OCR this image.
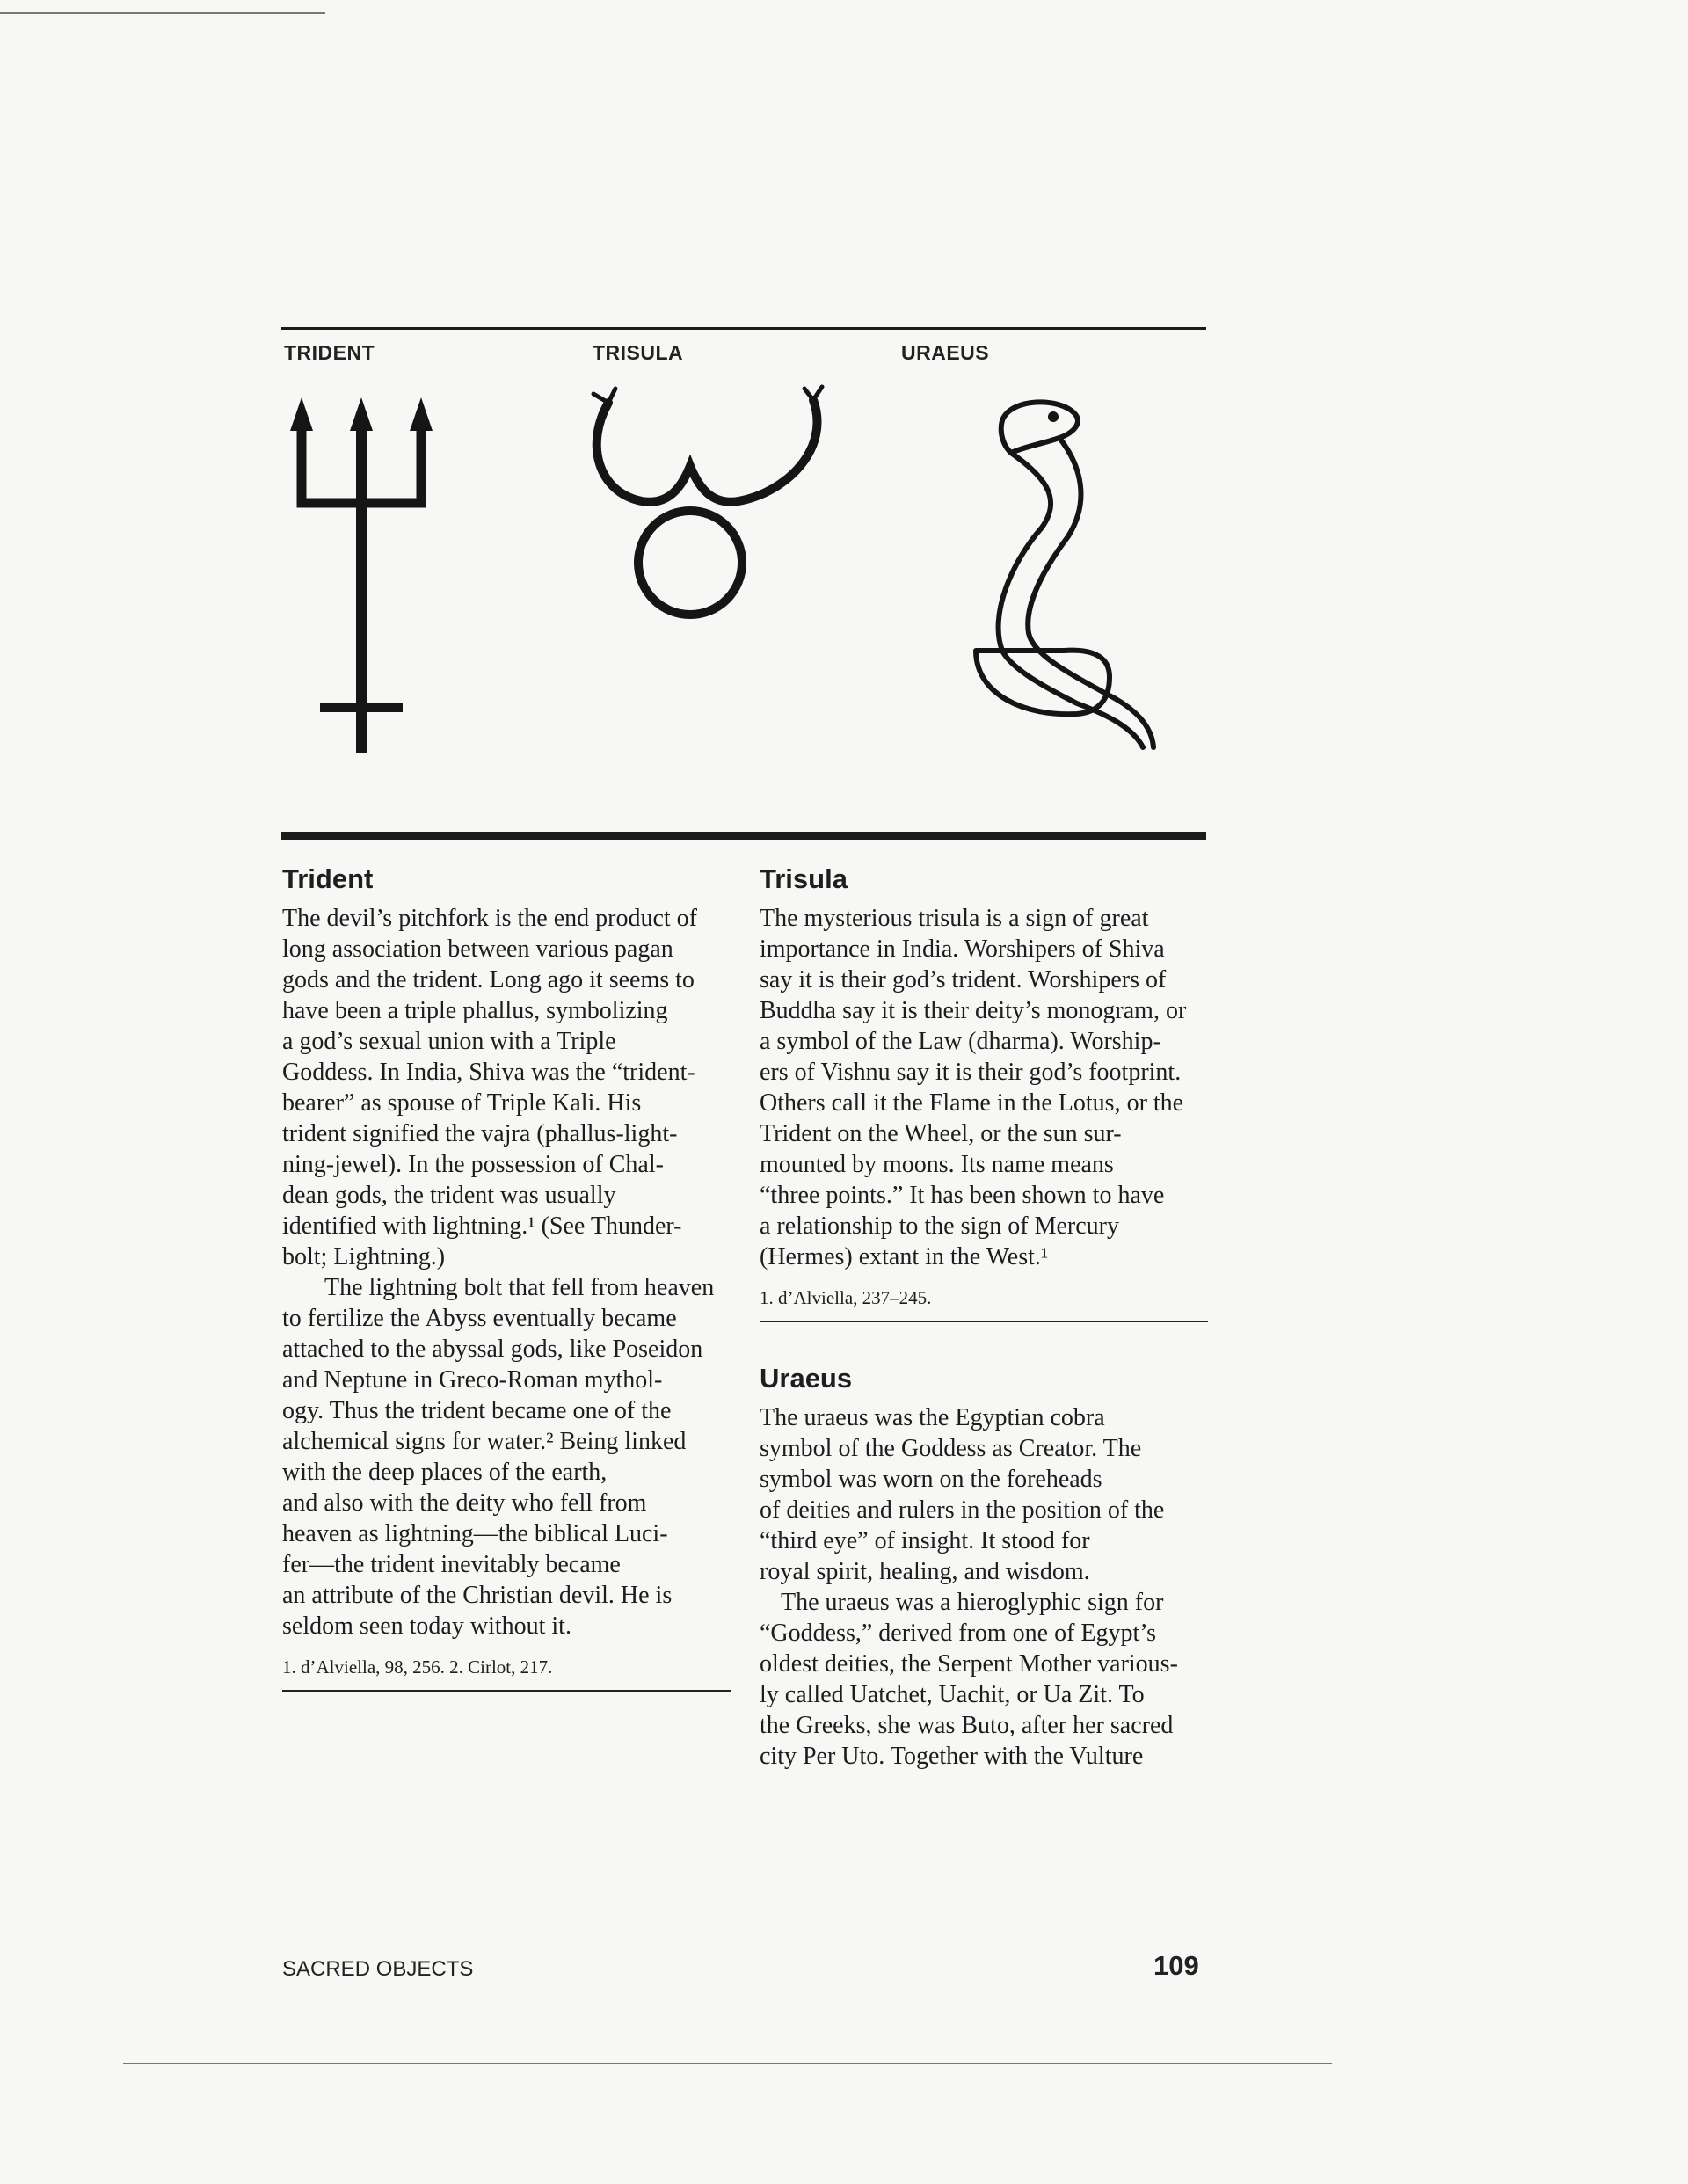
TRIDENT	TRISULA	URAEUS
Trident
The devil’s pitchfork is the end product of
long association between various pagan
gods and the trident. Long ago it seems to
have been a triple phallus, symbolizing
a god’s sexual union with a Triple
Goddess. In India, Shiva was the “trident-
bearer” as spouse of Triple Kali. His
trident signified the vajra (phallus-light-
ning-jewel). In the possession of Chal-
dean gods, the trident was usually
identified with lightning.¹ (See Thunder-
bolt; Lightning.)
The lightning bolt that fell from heaven
to fertilize the Abyss eventually became
attached to the abyssal gods, like Poseidon
and Neptune in Greco-Roman mythol-
ogy. Thus the trident became one of the
alchemical signs for water.² Being linked
with the deep places of the earth,
and also with the deity who fell from
heaven as lightning—the biblical Luci-
fer—the trident inevitably became
an attribute of the Christian devil. He is
seldom seen today without it.
1. d’Alviella, 98, 256. 2. Cirlot, 217.
Trisula
The mysterious trisula is a sign of great
importance in India. Worshipers of Shiva
say it is their god’s trident. Worshipers of
Buddha say it is their deity’s monogram, or
a symbol of the Law (dharma). Worship-
ers of Vishnu say it is their god’s footprint.
Others call it the Flame in the Lotus, or the
Trident on the Wheel, or the sun sur-
mounted by moons. Its name means
“three points.” It has been shown to have
a relationship to the sign of Mercury
(Hermes) extant in the West.¹
1. d’Alviella, 237–245.
Uraeus
The uraeus was the Egyptian cobra
symbol of the Goddess as Creator. The
symbol was worn on the foreheads
of deities and rulers in the position of the
“third eye” of insight. It stood for
royal spirit, healing, and wisdom.
The uraeus was a hieroglyphic sign for
“Goddess,” derived from one of Egypt’s
oldest deities, the Serpent Mother various-
ly called Uatchet, Uachit, or Ua Zit. To
the Greeks, she was Buto, after her sacred
city Per Uto. Together with the Vulture
SACRED OBJECTS	109
